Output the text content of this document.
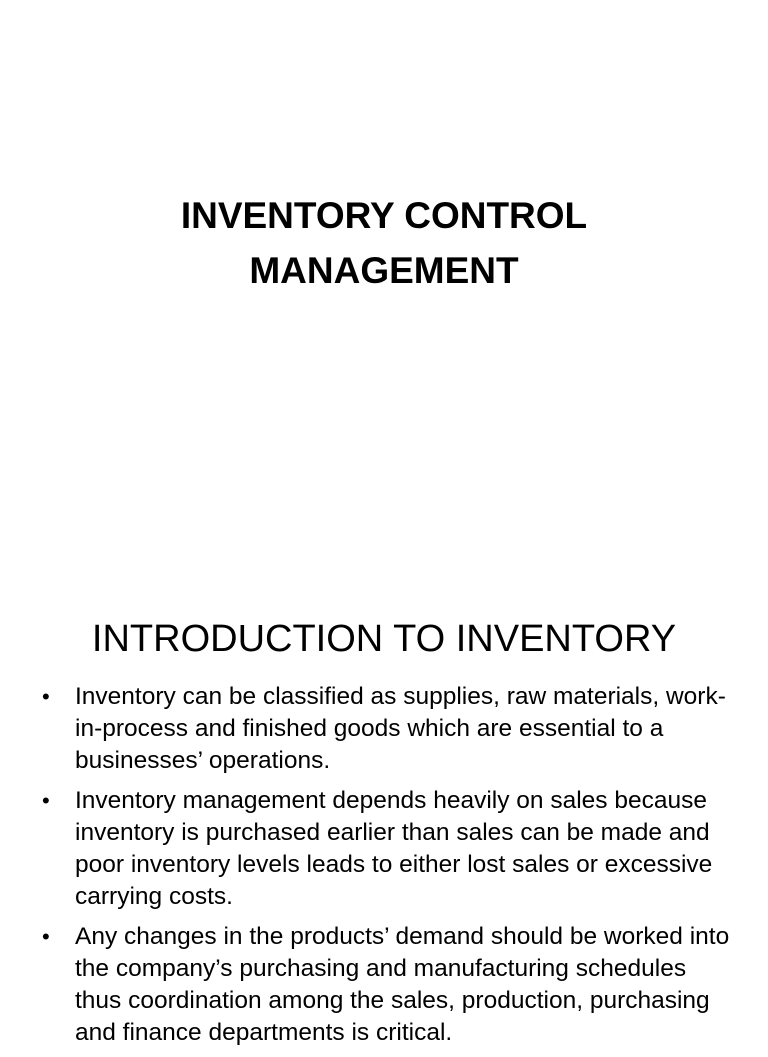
INVENTORY CONTROL
MANAGEMENT
INTRODUCTION TO INVENTORY
• Inventory can be classified as supplies, raw materials, work-in-process and finished goods which are essential to a businesses’ operations.
• Inventory management depends heavily on sales because inventory is purchased earlier than sales can be made and poor inventory levels leads to either lost sales or excessive carrying costs.
• Any changes in the products’ demand should be worked into the company’s purchasing and manufacturing schedules thus coordination among the sales, production, purchasing and finance departments is critical.
